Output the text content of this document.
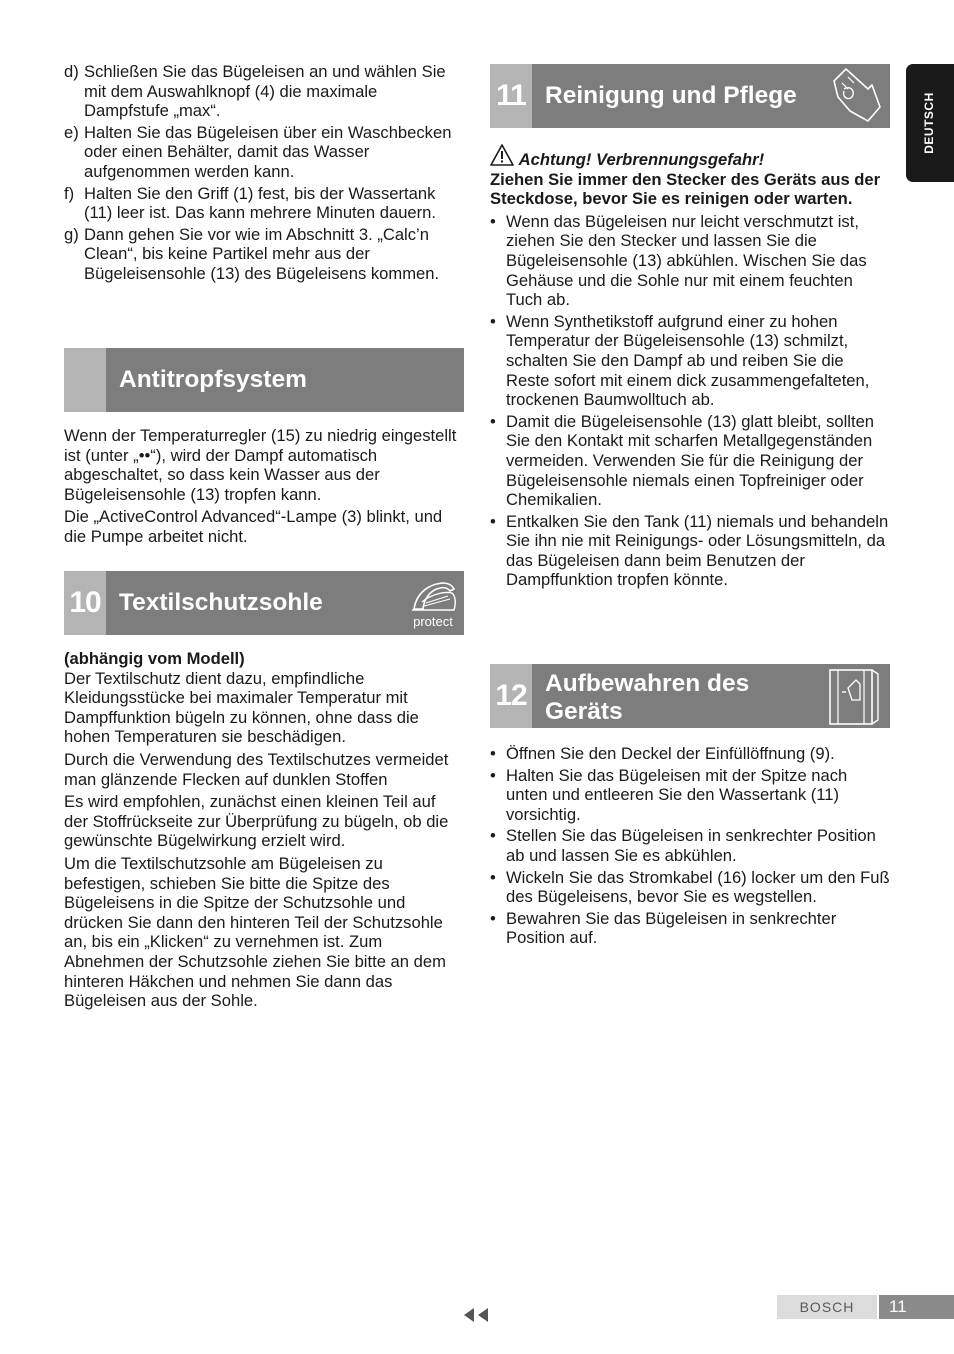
DEUTSCH
d) Schließen Sie das Bügeleisen an und wählen Sie mit dem Auswahlknopf (4) die maximale Dampfstufe „max“.
e) Halten Sie das Bügeleisen über ein Waschbecken oder einen Behälter, damit das Wasser aufgenommen werden kann.
f) Halten Sie den Griff (1) fest, bis der Wassertank (11) leer ist. Das kann mehrere Minuten dauern.
g) Dann gehen Sie vor wie im Abschnitt 3. „Calc’n Clean“, bis keine Partikel mehr aus der Bügeleisensohle (13) des Bügeleisens kommen.
Antitropfsystem

Wenn der Temperaturregler (15) zu niedrig eingestellt ist (unter „••“), wird der Dampf automatisch abgeschaltet, so dass kein Wasser aus der Bügeleisensohle (13) tropfen kann.

Die „ActiveControl Advanced“-Lampe (3) blinkt, und die Pumpe arbeitet nicht.

10 Textilschutzsohle
protect

(abhängig vom Modell)

Der Textilschutz dient dazu, empfindliche Kleidungsstücke bei maximaler Temperatur mit Dampffunktion bügeln zu können, ohne dass die hohen Temperaturen sie beschädigen.

Durch die Verwendung des Textilschutzes vermeidet man glänzende Flecken auf dunklen Stoffen

Es wird empfohlen, zunächst einen kleinen Teil auf der Stoffrückseite zur Überprüfung zu bügeln, ob die gewünschte Bügelwirkung erzielt wird.

Um die Textilschutzsohle am Bügeleisen zu befestigen, schieben Sie bitte die Spitze des Bügeleisens in die Spitze der Schutzsohle und drücken Sie dann den hinteren Teil der Schutzsohle an, bis ein „Klicken“ zu vernehmen ist. Zum Abnehmen der Schutzsohle ziehen Sie bitte an dem hinteren Häkchen und nehmen Sie dann das Bügeleisen aus der Sohle.

11 Reinigung und Pflege

Achtung! Verbrennungsgefahr!

Ziehen Sie immer den Stecker des Geräts aus der Steckdose, bevor Sie es reinigen oder warten.

• Wenn das Bügeleisen nur leicht verschmutzt ist, ziehen Sie den Stecker und lassen Sie die Bügeleisensohle (13) abkühlen. Wischen Sie das Gehäuse und die Sohle nur mit einem feuchten Tuch ab.
• Wenn Synthetikstoff aufgrund einer zu hohen Temperatur der Bügeleisensohle (13) schmilzt, schalten Sie den Dampf ab und reiben Sie die Reste sofort mit einem dick zusammengefalteten, trockenen Baumwolltuch ab.
• Damit die Bügeleisensohle (13) glatt bleibt, sollten Sie den Kontakt mit scharfen Metallgegenständen vermeiden. Verwenden Sie für die Reinigung der Bügeleisensohle niemals einen Topfreiniger oder Chemikalien.
• Entkalken Sie den Tank (11) niemals und behandeln Sie ihn nie mit Reinigungs- oder Lösungsmitteln, da das Bügeleisen dann beim Benutzen der Dampffunktion tropfen könnte.
12 Aufbewahren des Geräts
• Öffnen Sie den Deckel der Einfüllöffnung (9).
• Halten Sie das Bügeleisen mit der Spitze nach unten und entleeren Sie den Wassertank (11) vorsichtig.
• Stellen Sie das Bügeleisen in senkrechter Position ab und lassen Sie es abkühlen.
• Wickeln Sie das Stromkabel (16) locker um den Fuß des Bügeleisens, bevor Sie es wegstellen.
• Bewahren Sie das Bügeleisen in senkrechter Position auf.
BOSCH	11
